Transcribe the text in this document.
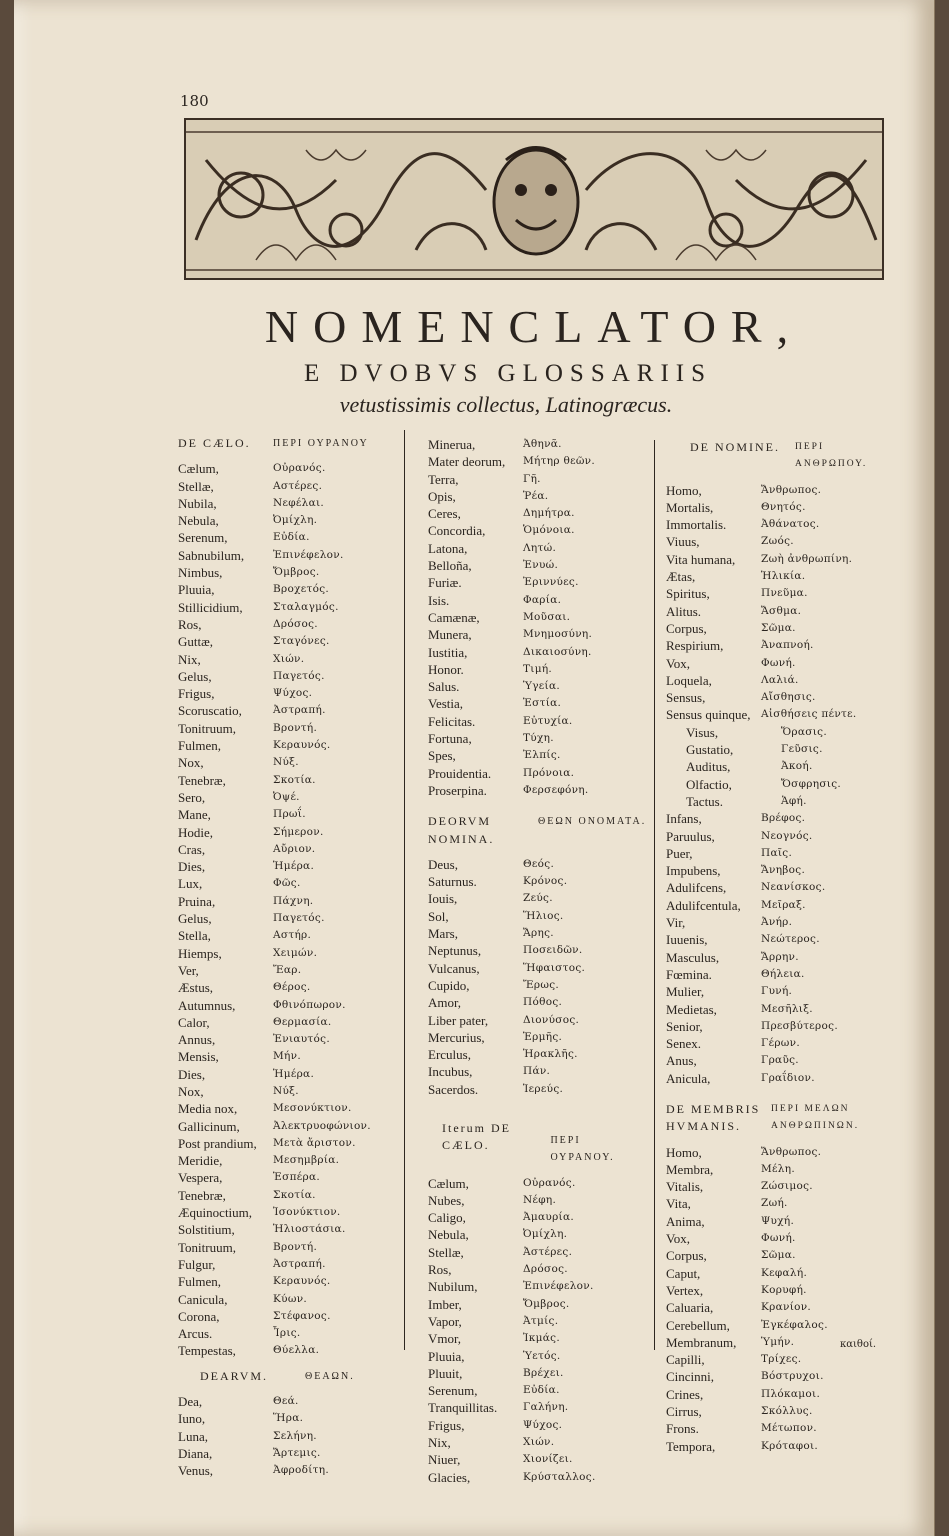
180
NOMENCLATOR,
E DVOBVS GLOSSARIIS
vetustissimis collectus, Latinogræcus.
DE CÆLO.	ΠΕΡΙ ΟΥΡΑΝΟΥ
Cælum,	Οὐρανός.
Stellæ,	Αστέρες.
Nubila,	Νεφέλαι.
Nebula,	Ὀμίχλη.
Serenum,	Εὐδία.
Sabnubilum,	Ἐπινέφελον.
Nimbus,	Ὄμβρος.
Pluuia,	Βροχετός.
Stillicidium,	Σταλαγμός.
Ros,	Δρόσος.
Guttæ,	Σταγόνες.
Nix,	Χιών.
Gelus,	Παγετός.
Frigus,	Ψύχος.
Scoruscatio,	Ἀστραπή.
Tonitruum,	Βροντή.
Fulmen,	Κεραυνός.
Nox,	Νύξ.
Tenebræ,	Σκοτία.
Sero,	Ὀψέ.
Mane,	Πρωΐ.
Hodie,	Σήμερον.
Cras,	Αὔριον.
Dies,	Ἡμέρα.
Lux,	Φῶς.
Pruina,	Πάχνη.
Gelus,	Παγετός.
Stella,	Αστήρ.
Hiemps,	Χειμών.
Ver,	Ἔαρ.
Æstus,	Θέρος.
Autumnus,	Φθινόπωρον.
Calor,	Θερμασία.
Annus,	Ἐνιαυτός.
Mensis,	Μήν.
Dies,	Ἡμέρα.
Nox,	Νύξ.
Media nox,	Μεσονύκτιον.
Gallicinum,	Ἀλεκτρυοφώνιον.
Post prandium,	Μετὰ ἄριστον.
Meridie,	Μεσημβρία.
Vespera,	Ἑσπέρα.
Tenebræ,	Σκοτία.
Æquinoctium,	Ἰσονύκτιον.
Solstitium,	Ἡλιοστάσια.
Tonitruum,	Βροντή.
Fulgur,	Ἀστραπή.
Fulmen,	Κεραυνός.
Canicula,	Κύων.
Corona,	Στέφανος.
Arcus.	Ἶρις.
Tempestas,	Θύελλα.
DEARVM.	ΘΕΑΩΝ.
Dea,	Θεά.
Iuno,	Ἥρα.
Luna,	Σελήνη.
Diana,	Ἄρτεμις.
Venus,	Ἀφροδίτη.
Minerua,	Ἀθηνᾶ.
Mater deorum,	Μήτηρ θεῶν.
Terra,	Γῆ.
Opis,	Ῥέα.
Ceres,	Δημήτρα.
Concordia,	Ὁμόνοια.
Latona,	Λητώ.
Belloña,	Ἐνυώ.
Furiæ.	Ἐριννύες.
Isis.	Φαρία.
Camænæ,	Μοῦσαι.
Munera,	Μνημοσύνη.
Iustitia,	Δικαιοσύνη.
Honor.	Τιμή.
Salus.	Ὑγεία.
Vestia,	Ἑστία.
Felicitas.	Εὐτυχία.
Fortuna,	Τύχη.
Spes,	Ἐλπίς.
Prouidentia.	Πρόνοια.
Proserpina.	Φερσεφόνη.
DEORVM NOMINA.
ΘΕΩΝ ΟΝΟΜΑΤΑ.
Deus,	Θεός.
Saturnus.	Κρόνος.
Iouis,	Ζεύς.
Sol,	Ἥλιος.
Mars,	Ἄρης.
Neptunus,	Ποσειδῶν.
Vulcanus,	Ἥφαιστος.
Cupido,	Ἔρως.
Amor,	Πόθος.
Liber pater,	Διονύσος.
Mercurius,	Ἑρμῆς.
Erculus,	Ἡρακλῆς.
Incubus,	Πάν.
Sacerdos.	Ἱερεύς.
Iterum DE CÆLO.	ΠΕΡΙ ΟΥΡΑΝΟΥ.
Cælum,	Οὐρανός.
Nubes,	Νέφη.
Caligo,	Ἀμαυρία.
Nebula,	Ὀμίχλη.
Stellæ,	Ἀστέρες.
Ros,	Δρόσος.
Nubilum,	Ἐπινέφελον.
Imber,	Ὄμβρος.
Vapor,	Ἀτμίς.
Vmor,	Ἰκμάς.
Pluuia,	Ὑετός.
Pluuit,	Βρέχει.
Serenum,	Εὐδία.
Tranquillitas.	Γαλήνη.
Frigus,	Ψύχος.
Nix,	Χιών.
Niuer,	Χιονίζει.
Glacies,	Κρύσταλλος.
DE NOMINE.	ΠΕΡΙ ΑΝΘΡΩΠΟΥ.
Homo,	Ἄνθρωπος.
Mortalis,	Θνητός.
Immortalis.	Ἀθάνατος.
Viuus,	Ζωός.
Vita humana,	Ζωὴ ἀνθρωπίνη.
Ætas,	Ἡλικία.
Spiritus,	Πνεῦμα.
Alitus.	Ἄσθμα.
Corpus,	Σῶμα.
Respirium,	Ἀναπνοή.
Vox,	Φωνή.
Loquela,	Λαλιά.
Sensus,	Αἴσθησις.
Sensus quinque,	Αἰσθήσεις πέντε.
Visus,	Ὅρασις.
Gustatio,	Γεῦσις.
Auditus,	Ἀκοή.
Olfactio,	Ὄσφρησις.
Tactus.	Ἁφή.
Infans,	Βρέφος.
Paruulus,	Νεογνός.
Puer,	Παῖς.
Impubens,	Ἄνηβος.
Adulifcens,	Νεανίσκος.
Adulifcentula,	Μεῖραξ.
Vir,	Ἀνήρ.
Iuuenis,	Νεώτερος.
Masculus,	Ἄρρην.
Fœmina.	Θήλεια.
Mulier,	Γυνή.
Medietas,	Μεσῆλιξ.
Senior,	Πρεσβύτερος.
Senex.	Γέρων.
Anus,	Γραῦς.
Anicula,	Γραΐδιον.
DE MEMBRIS HVMANIS.
ΠΕΡΙ ΜΕΛΩΝ ΑΝΘΡΩΠΙΝΩΝ.
Homo,	Ἄνθρωπος.
Membra,	Μέλη.
Vitalis,	Ζώσιμος.
Vita,	Ζωή.
Anima,	Ψυχή.
Vox,	Φωνή.
Corpus,	Σῶμα.
Caput,	Κεφαλή.
Vertex,	Κορυφή.
Caluaria,	Κρανίον.
Cerebellum,	Ἐγκέφαλος.
Membranum,	Ὑμήν.
Capilli,	Τρίχες.
Cincinni,	Βόστρυχοι.
Crines,	Πλόκαμοι.
Cirrus,	Σκόλλυς.
Frons.	Μέτωπον.
Tempora,	Κρόταφοι.
καιθοί.
